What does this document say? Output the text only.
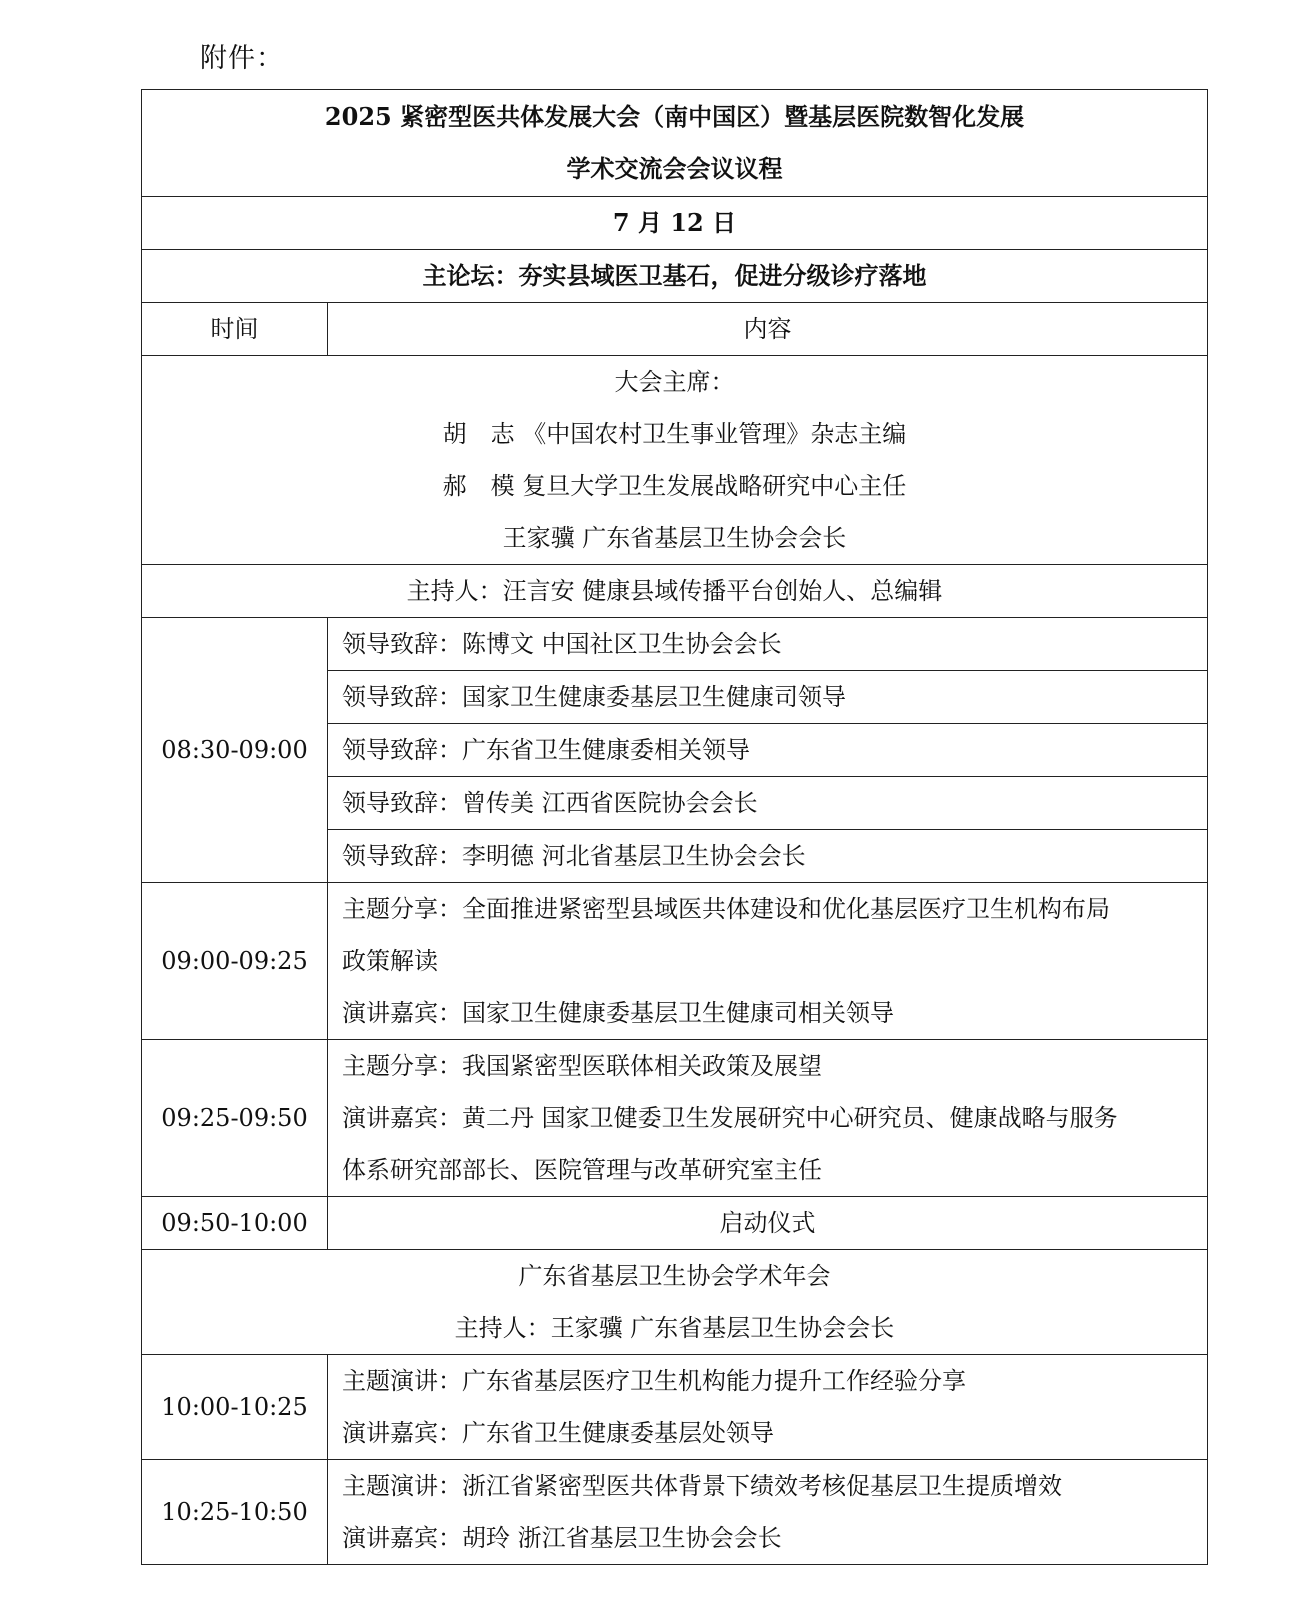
附件：
2025 紧密型医共体发展大会（南中国区）暨基层医院数智化发展
学术交流会会议议程	

7 月 12 日	
主论坛：夯实县域医卫基石，促进分级诊疗落地	
时间	内容

大会主席：
胡　志 《中国农村卫生事业管理》杂志主编
郝　模 复旦大学卫生发展战略研究中心主任
王家骥 广东省基层卫生协会会长	

主持人：汪言安 健康县域传播平台创始人、总编辑	
08:30-09:00	领导致辞：陈博文 中国社区卫生协会会长
	领导致辞：国家卫生健康委基层卫生健康司领导
	领导致辞：广东省卫生健康委相关领导
	领导致辞：曾传美 江西省医院协会会长
	领导致辞：李明德 河北省基层卫生协会会长
09:00-09:25	主题分享：全面推进紧密型县域医共体建设和优化基层医疗卫生机构布局
政策解读
演讲嘉宾：国家卫生健康委基层卫生健康司相关领导

09:25-09:50	主题分享：我国紧密型医联体相关政策及展望
演讲嘉宾：黄二丹 国家卫健委卫生发展研究中心研究员、健康战略与服务
体系研究部部长、医院管理与改革研究室主任

09:50-10:00	启动仪式

广东省基层卫生协会学术年会
主持人：王家骥 广东省基层卫生协会会长	

10:00-10:25	主题演讲：广东省基层医疗卫生机构能力提升工作经验分享
演讲嘉宾：广东省卫生健康委基层处领导

10:25-10:50	主题演讲：浙江省紧密型医共体背景下绩效考核促基层卫生提质增效
演讲嘉宾：胡玲 浙江省基层卫生协会会长
